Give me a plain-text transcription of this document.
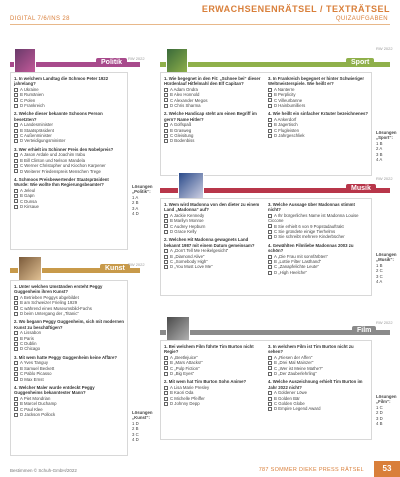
ERWACHSENENRÄTSEL / TEXTRÄTSEL
DIGITAL 7/6/INS 28	QUIZAUFGABEN
Politik
RW 2022
1. In welchem Landtag die Schmoo Peter 1922 jahrelang?
A Ukraine
B Rumänien
C Polen
D Frankreich
2. Welche dieser bekannte Schoons Person besetzten?
A Landesminister
B Staatspräsident
C Außenminister
D Verteidigungsminister
3. Wer erhielt im Schinner Preis den Nobelpreis?
A Jason Ardale und Joachim Irabu
B Bill Clinton und Nelson Mandela
C Werner Christopher und Kiochon Karpener
D Weiterer Friedenspreis Menschen Trege
4. Schmoos Preisbewertender Staatspräsident Wurde: Wie wollte Ihm Regierungsbeamter?
A Jeleul
B Gapn
C Dunsa
D Kirsaue
Lösungen „Politik“:
1 A
2 B
3 A
4 D
Sport
RW 2022
1. Wie begegnet in den Fit: „Schnee bei“ dieser Hürdenlauf Hitfelmahl den Elf Capitan?
A Adam Ondra
B Alex Honnold
C Alexander Megos
D Chris Sharma
2. Welche Handicap steht am einen Begriff im gern? Name Hitler?
A Golfspaß
B Grasweg
C Gleisitung
D Bodenbiss
3. In Frankreich begegnet er hinter Schwieriger Weltmeisterspiele. Wie heißt er?
A Nanterre
B Perplicity
C Villeurbanne
D Hainbumilliers
4. Wie heißt ein sinfacher Kräuter bezeichnenes?
A Ankerdorf
B Jagertisch
C Flugleisten
D Jahrgeschliek
Lösungen „Sport“:
1 B
2 A
3 B
4 A
Musik
RW 2022
1. Wem wird Madonna von den dieter zu einem Land „Madonna“ auf?
A Jackie Kennedy
B Marilyn Monroe
C Audrey Hepburn
D Grace Kelly
2. Welchen Hit Madonna gewagnets Land bekannt 1987 mit einem Datum gemeinsam?
A „Don’t Tell Me Heikelgesicht“
B „Diamond Alive“
C „Somebody High“
D „You Must Love Me“
3. Welche Aussage über Madonnas stimmt nicht?
A Ihr bürgerliches Name ist Madonna Louise Ciccone
B Sie erhielt 6 von 9 Popstadauftrakt
C Sie gründete einige Tierhelms
D Sie schreibt mehrere Kinderbücher
4. Gewählten Filmliebe Madonnas 2003 zu schön?
A „Die Frau mit sonnfärbten“
B „Lottie Filter Lasthand“
C „Zanapfelichte Leute“
D „High Heelche“
Lösungen „Musik“:
1 B
2 C
3 C
4 A
Kunst
RW 2022
1. Unter welchen Umständen ersteht Peggy Guggenheim ihren Kunst?
A Betrieben Peggys abgebildet
B am Schweizer Frieling 1929
C während eines Museumsbild-Fachs
D beim Untergang der „Titanic“
2. Wo begann Peggy Guggenheim, sich mit modernen Kunst zu beschäftigen?
A Lissabon
B Paris
C Dublin
D Chicago
3. Mit wem hatte Peggy Guggenheim keine Affäre?
A Yves Tanguy
B Samuel Beckett
C Pablo Picasso
D Max Ernst
4. Welcher Maler wurde entdeckt Peggy Guggenheims bekanntester Mann?
A Piet Mondrian
B Marcel Duchamp
C Paul Klee
D Jackson Pollock	Lösungen „Kunst“:
1 D
2 B
3 C
4 D
Film
RW 2022
1. Bei welchem Film führte Tim Burton nicht Regie?
A „Beetlejuice“
B „Mars Attacks!“
C „Pulp Fiction“
D „Big Eyes“
2. Mit wem hat Tim Burton Sohn Anime?
A Lisa Marie Presley
B Kaori Oda
C Michelle Pfeiffer
D Johnny Depp
3. In welchem Film ist Tim Burton nicht zu sehen?
A „Riesen der Affen“
B „Drei Mal Mainzer“
C „Wer ist Meine Mathe?“
D „Der Zauberlehrling“
4. Welche Auszeichnung erhielt Tim Burton im Jahr 2022 nicht?
A Goldener Löwe
B Golden Bär
C Golden Globe
D Empire Legend Award
Lösungen „Film“:
1 C
2 D
3 D
4 B
Bestimmen © Schuh-GmbH/2022	787 SOMMER DIEKE PRESS RÄTSEL	53
